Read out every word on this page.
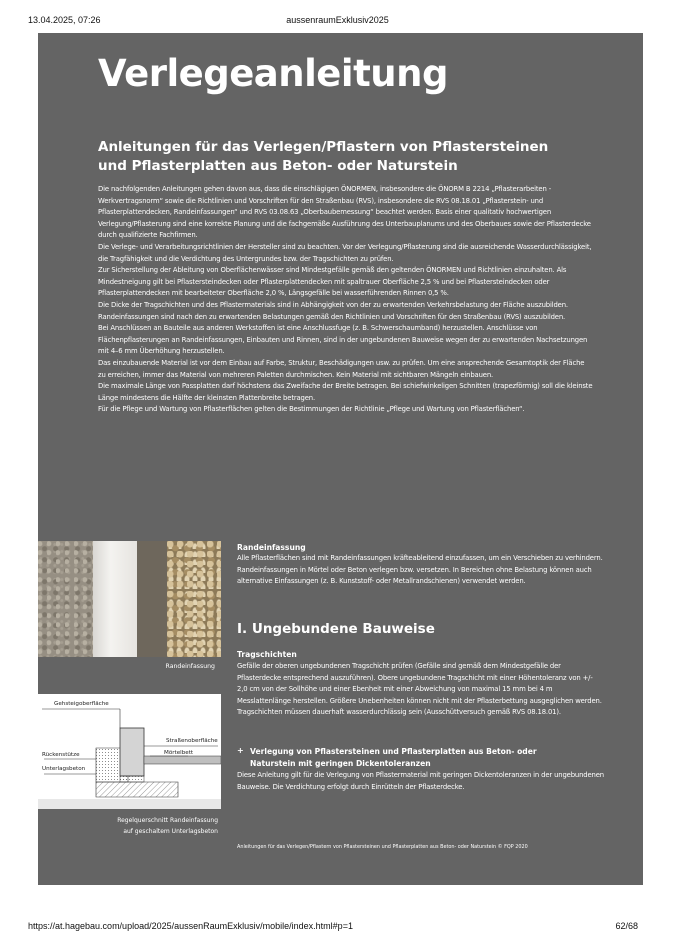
13.04.2025, 07:26	aussenraumExklusiv2025
Verlegeanleitung
Anleitungen für das Verlegen/Pflastern von Pflastersteinen und Pflasterplatten aus Beton- oder Naturstein

Die nachfolgenden Anleitungen gehen davon aus, dass die einschlägigen ÖNORMEN, insbesondere die ÖNORM B 2214 „Pflasterarbeiten - Werkvertragsnorm“ sowie die Richtlinien und Vorschriften für den Straßenbau (RVS), insbesondere die RVS 08.18.01 „Pflasterstein- und Pflasterplattendecken, Randeinfassungen“ und RVS 03.08.63 „Oberbaubemessung“ beachtet werden. Basis einer qualitativ hochwertigen Verlegung/Pflasterung sind eine korrekte Planung und die fachgemäße Ausführung des Unterbauplanums und des Oberbaues sowie der Pflasterdecke durch qualifizierte Fachfirmen.

Die Verlege- und Verarbeitungsrichtlinien der Hersteller sind zu beachten. Vor der Verlegung/Pflasterung sind die ausreichende Wasserdurchlässigkeit, die Tragfähigkeit und die Verdichtung des Untergrundes bzw. der Tragschichten zu prüfen.

Zur Sicherstellung der Ableitung von Oberflächenwässer sind Mindestgefälle gemäß den geltenden ÖNORMEN und Richtlinien einzuhalten. Als Mindestneigung gilt bei Pflastersteindecken oder Pflasterplattendecken mit spaltrauer Oberfläche 2,5 % und bei Pflastersteindecken oder Pflasterplattendecken mit bearbeiteter Oberfläche 2,0 %, Längsgefälle bei wasserführenden Rinnen 0,5 %.

Die Dicke der Tragschichten und des Pflastermaterials sind in Abhängigkeit von der zu erwartenden Verkehrsbelastung der Fläche auszubilden. Randeinfassungen sind nach den zu erwartenden Belastungen gemäß den Richtlinien und Vorschriften für den Straßenbau (RVS) auszubilden.

Bei Anschlüssen an Bauteile aus anderen Werkstoffen ist eine Anschlussfuge (z. B. Schwerschaumband) herzustellen. Anschlüsse von Flächenpflasterungen an Randeinfassungen, Einbauten und Rinnen, sind in der ungebundenen Bauweise wegen der zu erwartenden Nachsetzungen mit 4–6 mm Überhöhung herzustellen.

Das einzubauende Material ist vor dem Einbau auf Farbe, Struktur, Beschädigungen usw. zu prüfen. Um eine ansprechende Gesamtoptik der Fläche zu erreichen, immer das Material von mehreren Paletten durchmischen. Kein Material mit sichtbaren Mängeln einbauen.

Die maximale Länge von Passplatten darf höchstens das Zweifache der Breite betragen. Bei schiefwinkeligen Schnitten (trapezförmig) soll die kleinste Länge mindestens die Hälfte der kleinsten Plattenbreite betragen.

Für die Pflege und Wartung von Pflasterflächen gelten die Bestimmungen der Richtlinie „Pflege und Wartung von Pflasterflächen“.

Randeinfassung
Gehsteigoberfläche
Straßenoberfläche
Mörtelbett
Rückenstütze
Unterlagsbeton
Regelquerschnitt Randeinfassung
auf geschaltem Unterlagsbeton
Randeinfassung
Alle Pflasterflächen sind mit Randeinfassungen kräfteableitend einzufassen, um ein Verschieben zu verhindern. Randeinfassungen in Mörtel oder Beton verlegen bzw. versetzen. In Bereichen ohne Belastung können auch alternative Einfassungen (z. B. Kunststoff- oder Metallrandschienen) verwendet werden.
I. Ungebundene Bauweise
Tragschichten
Gefälle der oberen ungebundenen Tragschicht prüfen (Gefälle sind gemäß dem Mindestgefälle der Pflasterdecke entsprechend auszuführen). Obere ungebundene Tragschicht mit einer Höhentoleranz von +/- 2,0 cm von der Sollhöhe und einer Ebenheit mit einer Abweichung von maximal 15 mm bei 4 m Messlattenlänge herstellen. Größere Unebenheiten können nicht mit der Pflasterbettung ausgeglichen werden. Tragschichten müssen dauerhaft wasserdurchlässig sein (Ausschüttversuch gemäß RVS 08.18.01).
+ Verlegung von Pflastersteinen und Pflasterplatten aus Beton- oder Naturstein mit geringen Dickentoleranzen
Diese Anleitung gilt für die Verlegung von Pflastermaterial mit geringen Dickentoleranzen in der ungebundenen Bauweise. Die Verdichtung erfolgt durch Einrütteln der Pflasterdecke.
Anleitungen für das Verlegen/Pflastern von Pflastersteinen und Pflasterplatten aus Beton- oder Naturstein © FQP 2020
https://at.hagebau.com/upload/2025/aussenRaumExklusiv/mobile/index.html#p=1	62/68
